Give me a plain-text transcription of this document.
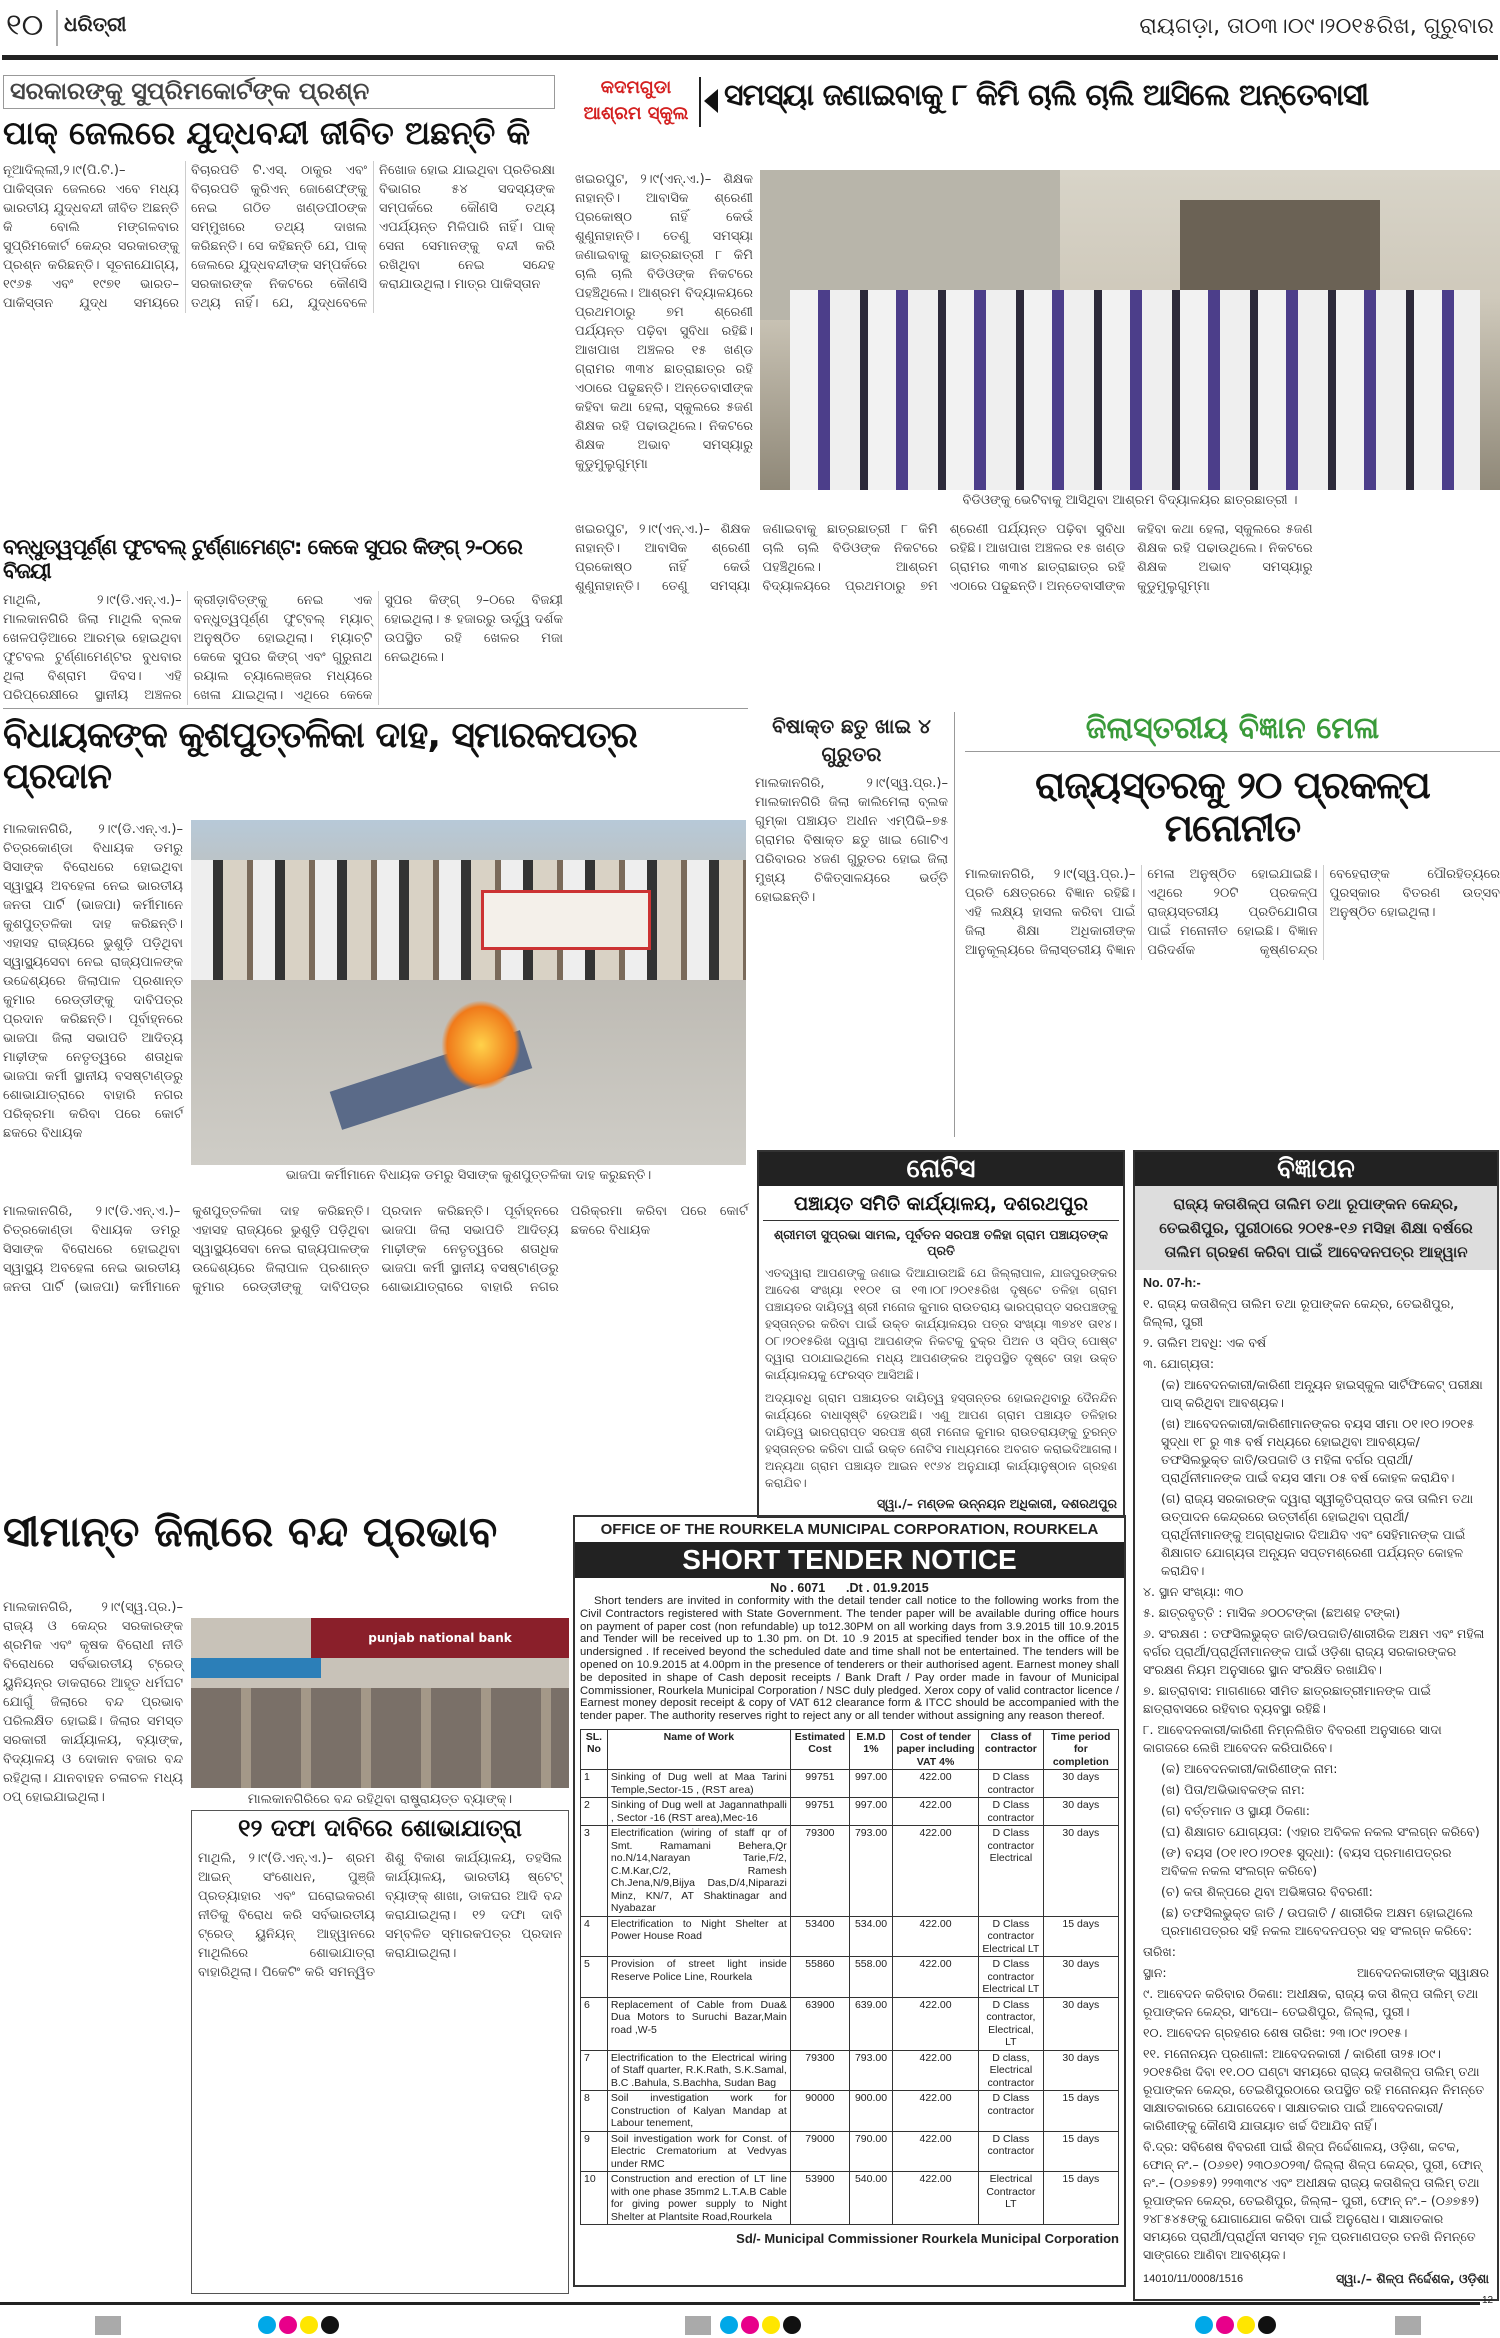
୧୦ ଧରିତ୍ରୀ	ରାୟଗଡ଼ା, ତା୦୩।୦୯।୨୦୧୫ରିଖ, ଗୁରୁବାର
ସରକାରଙ୍କୁ ସୁପ୍ରିମକୋର୍ଟଙ୍କ ପ୍ରଶ୍ନ
ପାକ୍ ଜେଲରେ ଯୁଦ୍ଧବନ୍ଦୀ ଜୀବିତ ଅଛନ୍ତି କି
ନୂଆଦିଲ୍ଲୀ,୨।୯(ପି.ଟି.)– ପାକିସ୍ତାନ ଜେଲରେ ଏବେ ମଧ୍ୟ ଭାରତୀୟ ଯୁଦ୍ଧବନ୍ଦୀ ଜୀବିତ ଅଛନ୍ତି କି ବୋଲି ମଙ୍ଗଳବାର ସୁପ୍ରିମକୋର୍ଟ କେନ୍ଦ୍ର ସରକାରଙ୍କୁ ପ୍ରଶ୍ନ କରିଛନ୍ତି। ସୂଚନାଯୋଗ୍ୟ, ୧୯୬୫ ଏବଂ ୧୯୭୧ ଭାରତ–ପାକିସ୍ତାନ ଯୁଦ୍ଧ ସମୟରେ ବିଚାରପତି ଟି.ଏସ୍. ଠାକୁର ଏବଂ ବିଚାରପତି କୁରିଏନ୍ ଜୋଶେଫ୍‌ଙ୍କୁ ନେଇ ଗଠିତ ଖଣ୍ଡପୀଠଙ୍କ ସମ୍ମୁଖରେ ତଥ୍ୟ ଦାଖଲ କରିଛନ୍ତି। ସେ କହିଛନ୍ତି ଯେ, ପାକ୍ ଜେଲରେ ଯୁଦ୍ଧବନ୍ଦୀଙ୍କ ସମ୍ପର୍କରେ ସରକାରଙ୍କ ନିକଟରେ କୌଣସି ତଥ୍ୟ ନାହିଁ। ଯେ, ଯୁଦ୍ଧବେଳେ ନିଖୋଜ ହୋଇ ଯାଇଥିବା ପ୍ରତିରକ୍ଷା ବିଭାଗର ୫୪ ସଦସ୍ୟଙ୍କ ସମ୍ପର୍କରେ କୌଣସି ତଥ୍ୟ ଏପର୍ଯ୍ୟନ୍ତ ମିଳିପାରି ନାହିଁ। ପାକ୍ ସେନା ସେମାନଙ୍କୁ ବନ୍ଦୀ କରି ରଖିଥିବା ନେଇ ସନ୍ଦେହ କରାଯାଉଥିଲା। ମାତ୍ର ପାକିସ୍ତାନ
କଦମଗୁଡା
ଆଶ୍ରମ ସ୍କୁଲ
ସମସ୍ୟା ଜଣାଇବାକୁ ୮ କିମି ଚାଲି ଚାଲି ଆସିଲେ ଅନ୍ତେବାସୀ
ଖଇରପୁଟ, ୨।୯(ଏନ୍.ଏ.)– ଶିକ୍ଷକ ନାହାନ୍ତି। ଆବାସିକ ଶ୍ରେଣୀ ପ୍ରକୋଷ୍ଠ ନାହିଁ କେଉଁ ଶୁଣୁନାହାନ୍ତି। ତେଣୁ ସମସ୍ୟା ଜଣାଇବାକୁ ଛାତ୍ରଛାତ୍ରୀ ୮ କିମି ଚାଲି ଚାଲି ବିଡିଓଙ୍କ ନିକଟରେ ପହଞ୍ଚିଥିଲେ। ଆଶ୍ରମ ବିଦ୍ୟାଳୟରେ ପ୍ରଥମଠାରୁ ୭ମ ଶ୍ରେଣୀ ପର୍ଯ୍ୟନ୍ତ ପଢ଼ିବା ସୁବିଧା ରହିଛି। ଆଖପାଖ ଅଞ୍ଚଳର ୧୫ ଖଣ୍ଡ ଗ୍ରାମର ୩୩୪ ଛାତ୍ରାଛାତ୍ର ରହି ଏଠାରେ ପଢୁଛନ୍ତି। ଅନ୍ତେବାସୀଙ୍କ କହିବା କଥା ହେଲା, ସ୍କୁଲରେ ୫ଜଣ ଶିକ୍ଷକ ରହି ପଢାଉଥିଲେ। ନିକଟରେ ଶିକ୍ଷକ ଅଭାବ ସମସ୍ୟାରୁ କୁଡୁମୁଲୁଗୁମ୍ମା
ବିଡିଓଙ୍କୁ ଭେଟିବାକୁ ଆସିଥିବା ଆଶ୍ରମ ବିଦ୍ୟାଳୟର ଛାତ୍ରଛାତ୍ରୀ ।
ଖଇରପୁଟ, ୨।୯(ଏନ୍.ଏ.)– ଶିକ୍ଷକ ନାହାନ୍ତି। ଆବାସିକ ଶ୍ରେଣୀ ପ୍ରକୋଷ୍ଠ ନାହିଁ କେଉଁ ଶୁଣୁନାହାନ୍ତି। ତେଣୁ ସମସ୍ୟା ଜଣାଇବାକୁ ଛାତ୍ରଛାତ୍ରୀ ୮ କିମି ଚାଲି ଚାଲି ବିଡିଓଙ୍କ ନିକଟରେ ପହଞ୍ଚିଥିଲେ। ଆଶ୍ରମ ବିଦ୍ୟାଳୟରେ ପ୍ରଥମଠାରୁ ୭ମ ଶ୍ରେଣୀ ପର୍ଯ୍ୟନ୍ତ ପଢ଼ିବା ସୁବିଧା ରହିଛି। ଆଖପାଖ ଅଞ୍ଚଳର ୧୫ ଖଣ୍ଡ ଗ୍ରାମର ୩୩୪ ଛାତ୍ରାଛାତ୍ର ରହି ଏଠାରେ ପଢୁଛନ୍ତି। ଅନ୍ତେବାସୀଙ୍କ କହିବା କଥା ହେଲା, ସ୍କୁଲରେ ୫ଜଣ ଶିକ୍ଷକ ରହି ପଢାଉଥିଲେ। ନିକଟରେ ଶିକ୍ଷକ ଅଭାବ ସମସ୍ୟାରୁ କୁଡୁମୁଲୁଗୁମ୍ମା
ବନ୍ଧୁତ୍ୱପୂର୍ଣ୍ଣ ଫୁଟବଲ୍ ଟୁର୍ଣ୍ଣାମେଣ୍ଟ: କେକେ ସୁପର କିଙ୍ଗ୍ ୨-୦ରେ ବିଜୟୀ
ମାଥିଲି, ୨।୯(ଡି.ଏନ୍.ଏ.)– ମାଲକାନଗିରି ଜିଲା ମାଥିଲି ବ୍ଲକ ଖେଳପଡ଼ିଆରେ ଆରମ୍ଭ ହୋଇଥିବା ଫୁଟବଲ ଟୁର୍ଣ୍ଣାମେଣ୍ଟର ବୁଧବାର ଥିଲା ବିଶ୍ରାମ ଦିବସ। ଏହି ପରିପ୍ରେକ୍ଷୀରେ ସ୍ଥାନୀୟ ଅଞ୍ଚଳର କ୍ରୀଡ଼ାବିତ୍‌ଙ୍କୁ ନେଇ ଏକ ବନ୍ଧୁତ୍ୱପୂର୍ଣ୍ଣ ଫୁଟ୍‌ବଲ୍ ମ୍ୟାଚ୍ ଅନୁଷ୍ଠିତ ହୋଇଥିଲା। ମ୍ୟାଚ୍‌ଟି କେକେ ସୁପର କିଙ୍ଗ୍ ଏବଂ ଗୁରୁନାଥ ରୟାଲ ଚ୍ୟାଲେଞ୍ଜର ମଧ୍ୟରେ ଖେଳା ଯାଇଥିଲା। ଏଥିରେ କେକେ ସୁପର କିଙ୍ଗ୍ ୨–୦ରେ ବିଜୟୀ ହୋଇଥିଲା। ୫ ହଜାରରୁ ଊର୍ଦ୍ଧ୍ୱ ଦର୍ଶକ ଉପସ୍ଥିତ ରହି ଖେଳର ମଜା ନେଇଥିଲେ।
ବିଧାୟକଙ୍କ କୁଶପୁତ୍ତଳିକା ଦାହ, ସ୍ମାରକପତ୍ର ପ୍ରଦାନ
ମାଲକାନଗିରି, ୨।୯(ଡି.ଏନ୍.ଏ.)– ଚିତ୍ରକୋଣ୍ଡା ବିଧାୟକ ଡମରୁ ସିସାଙ୍କ ବିରୋଧରେ ହୋଇଥିବା ସ୍ୱାସ୍ଥ୍ୟ ଅବହେଳା ନେଇ ଭାରତୀୟ ଜନତା ପାର୍ଟି (ଭାଜପା) କର୍ମୀମାନେ କୁଶପୁତ୍ତଳିକା ଦାହ କରିଛନ୍ତି। ଏହାସହ ରାଜ୍ୟରେ ଭୁଶୁଡ଼ି ପଡ଼ିଥିବା ସ୍ୱାସ୍ଥ୍ୟସେବା ନେଇ ରାଜ୍ୟପାଳଙ୍କ ଉଦ୍ଦେଶ୍ୟରେ ଜିଲାପାଳ ପ୍ରଶାନ୍ତ କୁମାର ରେଡ୍ଡୀଙ୍କୁ ଦାବିପତ୍ର ପ୍ରଦାନ କରିଛନ୍ତି। ପୂର୍ବାହ୍ନରେ ଭାଜପା ଜିଲା ସଭାପତି ଆଦିତ୍ୟ ମାଢ଼ୀଙ୍କ ନେତୃତ୍ୱରେ ଶତାଧିକ ଭାଜପା କର୍ମୀ ସ୍ଥାନୀୟ ବସଷ୍ଟାଣ୍ଡରୁ ଶୋଭାଯାତ୍ରାରେ ବାହାରି ନଗର ପରିକ୍ରମା କରିବା ପରେ କୋର୍ଟ ଛକରେ ବିଧାୟକ
ଭାଜପା କର୍ମୀମାନେ ବିଧାୟକ ଡମରୁ ସିସାଙ୍କ କୁଶପୁତ୍ତଳିକା ଦାହ କରୁଛନ୍ତି।
ମାଲକାନଗିରି, ୨।୯(ଡି.ଏନ୍.ଏ.)– ଚିତ୍ରକୋଣ୍ଡା ବିଧାୟକ ଡମରୁ ସିସାଙ୍କ ବିରୋଧରେ ହୋଇଥିବା ସ୍ୱାସ୍ଥ୍ୟ ଅବହେଳା ନେଇ ଭାରତୀୟ ଜନତା ପାର୍ଟି (ଭାଜପା) କର୍ମୀମାନେ କୁଶପୁତ୍ତଳିକା ଦାହ କରିଛନ୍ତି। ଏହାସହ ରାଜ୍ୟରେ ଭୁଶୁଡ଼ି ପଡ଼ିଥିବା ସ୍ୱାସ୍ଥ୍ୟସେବା ନେଇ ରାଜ୍ୟପାଳଙ୍କ ଉଦ୍ଦେଶ୍ୟରେ ଜିଲାପାଳ ପ୍ରଶାନ୍ତ କୁମାର ରେଡ୍ଡୀଙ୍କୁ ଦାବିପତ୍ର ପ୍ରଦାନ କରିଛନ୍ତି। ପୂର୍ବାହ୍ନରେ ଭାଜପା ଜିଲା ସଭାପତି ଆଦିତ୍ୟ ମାଢ଼ୀଙ୍କ ନେତୃତ୍ୱରେ ଶତାଧିକ ଭାଜପା କର୍ମୀ ସ୍ଥାନୀୟ ବସଷ୍ଟାଣ୍ଡରୁ ଶୋଭାଯାତ୍ରାରେ ବାହାରି ନଗର ପରିକ୍ରମା କରିବା ପରେ କୋର୍ଟ ଛକରେ ବିଧାୟକ
ବିଷାକ୍ତ ଛତୁ ଖାଇ ୪ ଗୁରୁତର
ମାଲକାନଗିରି, ୨।୯(ସ୍ୱ.ପ୍ର.)– ମାଲକାନଗିରି ଜିଲା କାଲିମେଲା ବ୍ଲକ ଗୁମ୍କା ପଞ୍ଚାୟତ ଅଧୀନ ଏମ୍‌ପିଭି–୭୫ ଗ୍ରାମର ବିଷାକ୍ତ ଛତୁ ଖାଇ ଗୋଟିଏ ପରିବାରର ୪ଜଣ ଗୁରୁତର ହୋଇ ଜିଲା ମୁଖ୍ୟ ଚିକିତ୍ସାଳୟରେ ଭର୍ତ୍ତି ହୋଇଛନ୍ତି।
ଜିଲାସ୍ତରୀୟ ବିଜ୍ଞାନ ମେଳା
ରାଜ୍ୟସ୍ତରକୁ ୨୦ ପ୍ରକଳ୍ପ ମନୋନୀତ
ମାଲକାନଗିରି, ୨।୯(ସ୍ୱ.ପ୍ର.)– ପ୍ରତି କ୍ଷେତ୍ରରେ ବିଜ୍ଞାନ ରହିଛି। ଏହି ଲକ୍ଷ୍ୟ ହାସଲ କରିବା ପାଇଁ ଜିଲା ଶିକ୍ଷା ଅଧିକାରୀଙ୍କ ଆନୁକୂଲ୍ୟରେ ଜିଲାସ୍ତରୀୟ ବିଜ୍ଞାନ ମେଳା ଅନୁଷ୍ଠିତ ହୋଇଯାଇଛି। ଏଥିରେ ୨୦ଟି ପ୍ରକଳ୍ପ ରାଜ୍ୟସ୍ତରୀୟ ପ୍ରତିଯୋଗିତା ପାଇଁ ମନୋନୀତ ହୋଇଛି। ବିଜ୍ଞାନ ପରିଦର୍ଶକ କୃଷ୍ଣଚନ୍ଦ୍ର ବେହେରାଙ୍କ ପୌରହିତ୍ୟରେ ପୁରସ୍କାର ବିତରଣ ଉତ୍ସବ ଅନୁଷ୍ଠିତ ହୋଇଥିଲା।
ନୋଟିସ
ପଞ୍ଚାୟତ ସମିତି କାର୍ଯ୍ୟାଳୟ, ଦଶରଥପୁର
ଶ୍ରୀମତୀ ସୁପ୍ରଭା ସାମଲ, ପୂର୍ବତନ ସରପଞ୍ଚ ତଳିହା ଗ୍ରାମ ପଞ୍ଚାୟତଙ୍କ ପ୍ରତି
ଏତଦ୍ୱାରା ଆପଣଙ୍କୁ ଜଣାଇ ଦିଆଯାଉଅଛି ଯେ ଜିଲ୍ଲାପାଳ, ଯାଜପୁରଙ୍କର ଆଦେଶ ସଂଖ୍ୟା ୧୧୦୧ ତା ୧୩।୦୮।୨୦୧୫ରିଖ ଦୃଷ୍ଟେ ତଳିହା ଗ୍ରାମ ପଞ୍ଚାୟତର ଦାୟିତ୍ୱ ଶ୍ରୀ ମନୋଜ କୁମାର ରାଉତରାୟ ଭାରପ୍ରାପ୍ତ ସରପଞ୍ଚଙ୍କୁ ହସ୍ତାନ୍ତର କରିବା ପାଇଁ ଉକ୍ତ କାର୍ଯ୍ୟାଳୟର ପତ୍ର ସଂଖ୍ୟା ୩୭୪୧ ତା୧୪।୦୮।୨୦୧୫ରିଖ ଦ୍ୱାରା ଆପଣଙ୍କ ନିକଟକୁ ବୁକ୍‌ର ପିଅନ ଓ ସ୍ପିଡ୍ ପୋଷ୍ଟ ଦ୍ୱାରା ପଠାଯାଇଥିଲେ ମଧ୍ୟ ଆପଣଙ୍କର ଅନୁପସ୍ଥିତ ଦୃଷ୍ଟେ ତାହା ଉକ୍ତ କାର୍ଯ୍ୟାଳୟକୁ ଫେରସ୍ତ ଆସିଅଛି।
ଅଦ୍ୟାବଧି ଗ୍ରାମ ପଞ୍ଚାୟତର ଦାୟିତ୍ୱ ହସ୍ତାନ୍ତର ହୋଇନଥିବାରୁ ଦୈନନ୍ଦିନ କାର୍ଯ୍ୟରେ ବାଧାସୃଷ୍ଟି ହେଉଅଛି। ଏଣୁ ଆପଣ ଗ୍ରାମ ପଞ୍ଚାୟତ ତଳିହାର ଦାୟିତ୍ୱ ଭାରପ୍ରାପ୍ତ ସରପଞ୍ଚ ଶ୍ରୀ ମନୋଜ କୁମାର ରାଉତରାୟଙ୍କୁ ତୁରନ୍ତ ହସ୍ତାନ୍ତର କରିବା ପାଇଁ ଉକ୍ତ ନୋଟିସ ମାଧ୍ୟମରେ ଅବଗତ କରାଇଦିଆଗଲା। ଅନ୍ୟଥା ଗ୍ରାମ ପଞ୍ଚାୟତ ଆଇନ ୧୯୬୪ ଅନୁଯାୟୀ କାର୍ଯ୍ୟାନୁଷ୍ଠାନ ଗ୍ରହଣ କରାଯିବ।
ସ୍ୱା./– ମଣ୍ଡଳ ଉନ୍ନୟନ ଅଧିକାରୀ, ଦଶରଥପୁର
ବିଜ୍ଞାପନ
ରାଜ୍ୟ କତାଶିଳ୍ପ ତାଲିମ ତଥା ରୂପାଙ୍କନ କେନ୍ଦ୍ର, ତେଇଶିପୁର, ପୁରୀଠାରେ ୨୦୧୫-୧୬ ମସିହା ଶିକ୍ଷା ବର୍ଷରେ ତାଲିମ ଗ୍ରହଣ କରିବା ପାଇଁ ଆବେଦନପତ୍ର ଆହ୍ୱାନ

No. 07-h:-

୧. ରାଜ୍ୟ କତାଶିଳ୍ପ ତାଲିମ ତଥା ରୂପାଙ୍କନ କେନ୍ଦ୍ର, ତେଇଶିପୁର, ଜିଲ୍ଲା, ପୁରୀ

୨. ତାଲିମ ଅବଧି: ଏକ ବର୍ଷ

୩. ଯୋଗ୍ୟତା:

(କ) ଆବେଦନକାରୀ/କାରିଣୀ ଅନ୍ୟୂନ ହାଇସ୍କୁଲ ସାର୍ଟିଫିକେଟ୍ ପରୀକ୍ଷା ପାସ୍ କରିଥିବା ଆବଶ୍ୟକ।

(ଖ) ଆବେଦନକାରୀ/କାରିଣୀମାନଙ୍କର ବୟସ ସୀମା ୦୧।୧୦।୨୦୧୫ ସୁଦ୍ଧା ୧୮ ରୁ ୩୫ ବର୍ଷ ମଧ୍ୟରେ ହୋଇଥିବା ଆବଶ୍ୟକ/ ତଫସିଲଭୁକ୍ତ ଜାତି/ଉପଜାତି ଓ ମହିଳା ବର୍ଗର ପ୍ରାର୍ଥୀ/ପ୍ରାର୍ଥିନୀମାନଙ୍କ ପାଇଁ ବୟସ ସୀମା ୦୫ ବର୍ଷ କୋହଳ କରାଯିବ।

(ଗ) ରାଜ୍ୟ ସରକାରଙ୍କ ଦ୍ୱାରା ସ୍ୱୀକୃତିପ୍ରାପ୍ତ କତା ତାଲିମ ତଥା ଉତ୍ପାଦନ କେନ୍ଦ୍ରରେ ଉତ୍ତୀର୍ଣ୍ଣ ହୋଇଥିବା ପ୍ରାର୍ଥୀ/ପ୍ରାର୍ଥିନୀମାନଙ୍କୁ ଅଗ୍ରାଧିକାର ଦିଆଯିବ ଏବଂ ସେହିମାନଙ୍କ ପାଇଁ ଶିକ୍ଷାଗତ ଯୋଗ୍ୟତା ଅନ୍ୟୂନ ସପ୍ତମଶ୍ରେଣୀ ପର୍ଯ୍ୟନ୍ତ କୋହଳ କରାଯିବ।

୪. ସ୍ଥାନ ସଂଖ୍ୟା: ୩୦

୫. ଛାତ୍ରବୃତ୍ତି : ମାସିକ ୬୦୦ଟଙ୍କା (ଛଅଶହ ଟଙ୍କା)

୬. ସଂରକ୍ଷଣ : ତଫସିଲଭୁକ୍ତ ଜାତି/ଉପଜାତି/ଶାରୀରିକ ଅକ୍ଷମ ଏବଂ ମହିଳା ବର୍ଗର ପ୍ରାର୍ଥୀ/ପ୍ରାର୍ଥିନୀମାନଙ୍କ ପାଇଁ ଓଡ଼ିଶା ରାଜ୍ୟ ସରକାରଙ୍କର ସଂରକ୍ଷଣ ନିୟମ ଅନୁସାରେ ସ୍ଥାନ ସଂରକ୍ଷିତ ରଖାଯିବ।

୭. ଛାତ୍ରାବାସ: ମାଗଣାରେ ସୀମିତ ଛାତ୍ରଛାତ୍ରୀମାନଙ୍କ ପାଇଁ ଛାତ୍ରାବାସରେ ରହିବାର ବ୍ୟବସ୍ଥା ରହିଛି।

୮. ଆବେଦନକାରୀ/କାରିଣୀ ନିମ୍ନଲିଖିତ ବିବରଣୀ ଅନୁସାରେ ସାଦା କାଗଜରେ ଲେଖି ଆବେଦନ କରିପାରିବେ।

(କ) ଆବେଦନକାରୀ/କାରିଣୀଙ୍କ ନାମ:

(ଖ) ପିତା/ଅଭିଭାବକଙ୍କ ନାମ:

(ଗ) ବର୍ତ୍ତମାନ ଓ ସ୍ଥାୟୀ ଠିକଣା:

(ଘ) ଶିକ୍ଷାଗତ ଯୋଗ୍ୟତା: (ଏହାର ଅବିକଳ ନକଲ ସଂଲଗ୍ନ କରିବେ)

(ଙ) ବୟସ (୦୧।୧୦।୨୦୧୫ ସୁଦ୍ଧା): (ବୟସ ପ୍ରମାଣପତ୍ରର ଅବିକଳ ନକଲ ସଂଲଗ୍ନ କରିବେ)

(ଚ) କତା ଶିଳ୍ପରେ ଥିବା ଅଭିଜ୍ଞତାର ବିବରଣୀ:

(ଛ) ତଫସିଲଭୁକ୍ତ ଜାତି / ଉପଜାତି / ଶାରୀରିକ ଅକ୍ଷମ ହୋଇଥିଲେ ପ୍ରମାଣପତ୍ରର ସହି ନକଲ ଆବେଦନପତ୍ର ସହ ସଂଲଗ୍ନ କରିବେ:

ତାରିଖ:

ସ୍ଥାନ:	ଆବେଦନକାରୀଙ୍କ ସ୍ୱାକ୍ଷର

୯. ଆବେଦନ କରିବାର ଠିକଣା: ଅଧୀକ୍ଷକ, ରାଜ୍ୟ କତା ଶିଳ୍ପ ତାଲିମ୍ ତଥା ରୂପାଙ୍କନ କେନ୍ଦ୍ର, ସାଂପୋ– ତେଇଶିପୁର, ଜିଲ୍ଲା, ପୁରୀ।

୧୦. ଆବେଦନ ଗ୍ରହଣର ଶେଷ ତାରିଖ: ୨୩।୦୯।୨୦୧୫।

୧୧. ମନୋନୟନ ପ୍ରଣାଳୀ: ଆବେଦନକାରୀ / କାରିଣୀ ତା୨୫।୦୯।୨୦୧୫ରିଖ ଦିବା ୧୧.୦୦ ଘଣ୍ଟା ସମୟରେ ରାଜ୍ୟ କତାଶିଳ୍ପ ତାଲିମ୍ ତଥା ରୂପାଙ୍କନ କେନ୍ଦ୍ର, ତେଇଶିପୁରଠାରେ ଉପସ୍ଥିତ ରହି ମନୋନୟନ ନିମନ୍ତେ ସାକ୍ଷାତକାରରେ ଯୋଗଦେବେ। ସାକ୍ଷାତକାର ପାଇଁ ଆବେଦନକାରୀ/କାରିଣୀଙ୍କୁ କୌଣସି ଯାତାୟାତ ଖର୍ଚ୍ଚ ଦିଆଯିବ ନାହିଁ।

ବି.ଦ୍ର: ସବିଶେଷ ବିବରଣୀ ପାଇଁ ଶିଳ୍ପ ନିର୍ଦ୍ଦେଶାଳୟ, ଓଡ଼ିଶା, କଟକ, ଫୋନ୍ ନଂ.– (୦୬୭୧) ୨୩୦୬୦୨୩/ ଜିଲ୍ଲା ଶିଳ୍ପ କେନ୍ଦ୍ର, ପୁରୀ, ଫୋନ୍ ନଂ.– (୦୬୭୫୨) ୨୨୩୩୯୪ ଏବଂ ଅଧୀକ୍ଷକ ରାଜ୍ୟ କତାଶିଳ୍ପ ତାଲିମ୍ ତଥା ରୂପାଙ୍କନ କେନ୍ଦ୍ର, ତେଇଶିପୁର, ଜିଲ୍ଲା– ପୁରୀ, ଫୋନ୍ ନଂ.– (୦୬୭୫୨) ୨୪୮୫୪୫ଙ୍କୁ ଯୋଗାଯୋଗ କରିବା ପାଇଁ ଅନୁରୋଧ। ସାକ୍ଷାତକାର ସମୟରେ ପ୍ରାର୍ଥୀ/ପ୍ରାର୍ଥିନୀ ସମସ୍ତ ମୂଳ ପ୍ରମାଣପତ୍ର ତନଖି ନିମନ୍ତେ ସାଙ୍ଗରେ ଆଣିବା ଆବଶ୍ୟକ।

14010/11/0008/1516	ସ୍ୱା./– ଶିଳ୍ପ ନିର୍ଦ୍ଦେଶକ, ଓଡ଼ିଶା

OFFICE OF THE ROURKELA MUNICIPAL CORPORATION, ROURKELA
SHORT TENDER NOTICE
No . 6071 .Dt . 01.9.2015
Short tenders are invited in conformity with the detail tender call notice to the following works from the Civil Contractors registered with State Government. The tender paper will be available during office hours on payment of paper cost (non refundable) up to12.30PM on all working days from 3.9.2015 till 10.9.2015 and Tender will be received up to 1.30 pm. on Dt. 10 .9 2015 at specified tender box in the office of the undersigned . If received beyond the scheduled date and time shall not be entertained. The tenders will be opened on 10.9.2015 at 4.00pm in the presence of tenderers or their authorised agent. Earnest money shall be deposited in shape of Cash deposit receipts / Bank Draft / Pay order made in favour of Municipal Commissioner, Rourkela Municipal Corporation / NSC duly pledged. Xerox copy of valid contractor licence / Earnest money deposit receipt & copy of VAT 612 clearance form & ITCC should be accompanied with the tender paper. The authority reserves right to reject any or all tender without assigning any reason thereof.
SL. No	Name of Work	Estimated Cost	E.M.D 1%	Cost of tender paper including VAT 4%	Class of contractor	Time period for completion
1	Sinking of Dug well at Maa Tarini Temple,Sector-15 , (RST area)	99751	997.00	422.00	D Class contractor	30 days
2	Sinking of Dug well at Jagannathpalli , Sector -16 (RST area),Mec-16	99751	997.00	422.00	D Class contractor	30 days
3	Electrification (wiring of staff qr of Smt. Ramamani Behera,Qr no.N/14,Narayan Tarie,F/2, C.M.Kar,C/2, Ramesh Ch.Jena,N/9,Bijya Das,D/4,Niparazi Minz, KN/7, AT Shaktinagar and Nyabazar	79300	793.00	422.00	D Class contractor Electrical	30 days
4	Electrification to Night Shelter at Power House Road	53400	534.00	422.00	D Class contractor Electrical LT	15 days
5	Provision of street light inside Reserve Police Line, Rourkela	55860	558.00	422.00	D Class contractor Electrical LT	30 days
6	Replacement of Cable from Dua& Dua Motors to Suruchi Bazar,Main road ,W-5	63900	639.00	422.00	D Class contractor, Electrical, LT	30 days
7	Electrification to the Electrical wiring of Staff quarter, R.K.Rath, S.K.Samal, B.C .Bahula, S.Bachha, Sudan Bag	79300	793.00	422.00	D class, Electrical contractor	30 days
8	Soil investigation work for Construction of Kalyan Mandap at Labour tenement,	90000	900.00	422.00	D Class contractor	15 days
9	Soil investigation work for Const. of Electric Crematorium at Vedvyas under RMC	79000	790.00	422.00	D Class contractor	15 days
10	Construction and erection of LT line with one phase 35mm2 L.T.A.B Cable for giving power supply to Night Shelter at Plantsite Road,Rourkela	53900	540.00	422.00	Electrical Contractor LT	15 days
Sd/- Municipal Commissioner Rourkela Municipal Corporation
ସୀମାନ୍ତ ଜିଲାରେ ବନ୍ଦ ପ୍ରଭାବ
ମାଲକାନଗିରି, ୨।୯(ସ୍ୱ.ପ୍ର.)– ରାଜ୍ୟ ଓ କେନ୍ଦ୍ର ସରକାରଙ୍କ ଶ୍ରମିକ ଏବଂ କୃଷକ ବିରୋଧୀ ନୀତି ବିରୋଧରେ ସର୍ବଭାରତୀୟ ଟ୍ରେଡ୍ ୟୁନିୟନ୍‌ର ଡାକରାରେ ଆହୂତ ଧର୍ମଘଟ ଯୋଗୁଁ ଜିଲାରେ ବନ୍ଦ ପ୍ରଭାବ ପରିଲକ୍ଷିତ ହୋଇଛି। ଜିଲାର ସମସ୍ତ ସରକାରୀ କାର୍ଯ୍ୟାଳୟ, ବ୍ୟାଙ୍କ, ବିଦ୍ୟାଳୟ ଓ ଦୋକାନ ବଜାର ବନ୍ଦ ରହିଥିଲା। ଯାନବାହନ ଚଳାଚଳ ମଧ୍ୟ ଠପ୍ ହୋଇଯାଇଥିଲା।
punjab national bank
ମାଲକାନଗିରିରେ ବନ୍ଦ ରହିଥିବା ରାଷ୍ଟ୍ରାୟତ୍ତ ବ୍ୟାଙ୍କ୍।
୧୨ ଦଫା ଦାବିରେ ଶୋଭାଯାତ୍ରା
ମାଥିଲି, ୨।୯(ଡି.ଏନ୍.ଏ.)– ଶ୍ରମ ଆଇନ୍ ସଂଶୋଧନ, ପୁଞ୍ଜି ପ୍ରତ୍ୟାହାର ଏବଂ ଘରୋଇକରଣ ନୀତିକୁ ବିରୋଧ କରି ସର୍ବଭାରତୀୟ ଟ୍ରେଡ୍ ୟୁନିୟନ୍ ଆହ୍ୱାନରେ ମାଥିଲିରେ ଶୋଭାଯାତ୍ରା ବାହାରିଥିଲା। ପିକେଟିଂ କରି ସମନ୍ୱିତ ଶିଶୁ ବିକାଶ କାର୍ଯ୍ୟାଳୟ, ତହସିଲ କାର୍ଯ୍ୟାଳୟ, ଭାରତୀୟ ଷ୍ଟେଟ୍ ବ୍ୟାଙ୍କ୍ ଶାଖା, ଡାକଘର ଆଦି ବନ୍ଦ କରାଯାଇଥିଲା। ୧୨ ଦଫା ଦାବି ସମ୍ବଳିତ ସ୍ମାରକପତ୍ର ପ୍ରଦାନ କରାଯାଇଥିଲା।
12
